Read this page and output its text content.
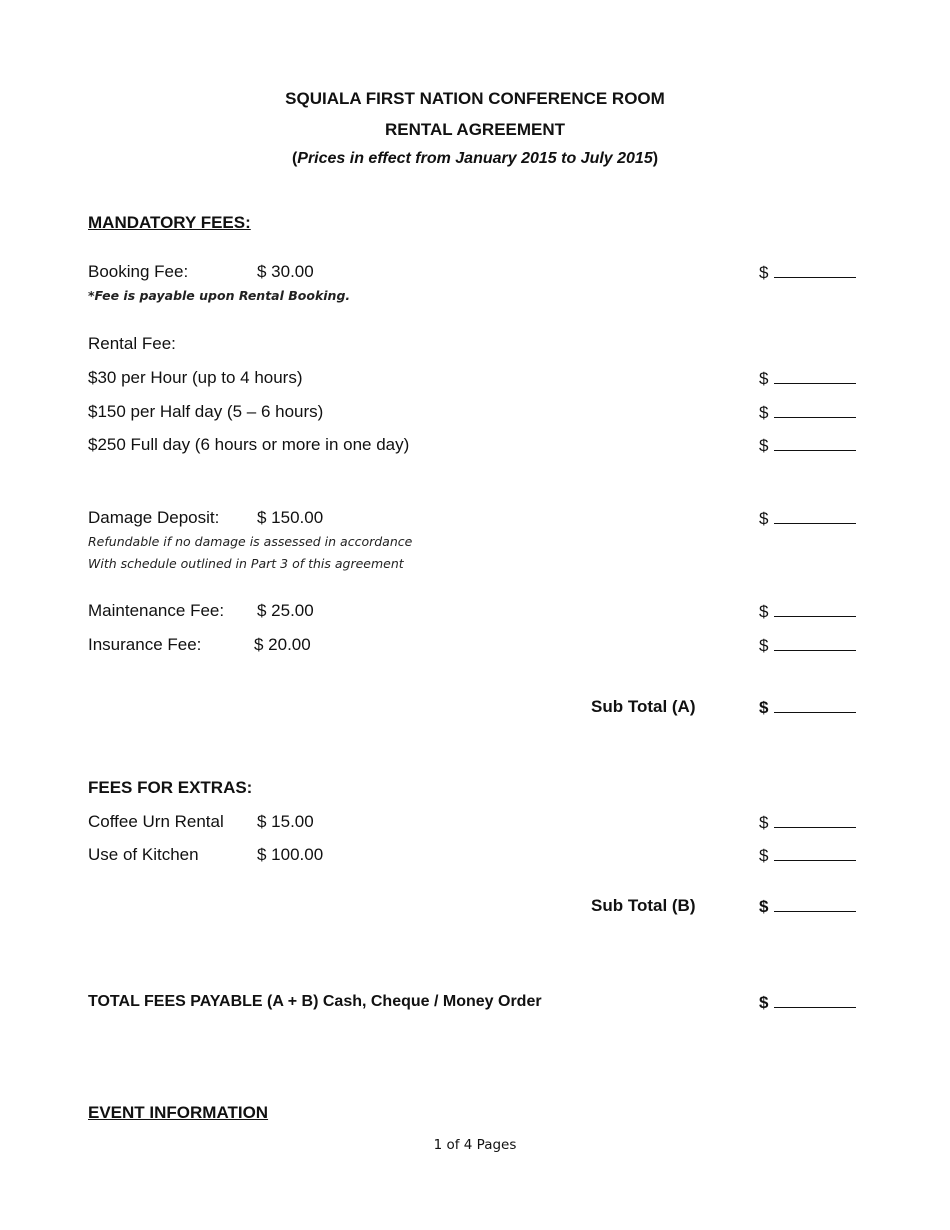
SQUIALA FIRST NATION CONFERENCE ROOM
RENTAL AGREEMENT
(Prices in effect from January 2015 to July 2015)
MANDATORY FEES:
Booking Fee:	$ 30.00	$
*Fee is payable upon Rental Booking.
Rental Fee:
$30 per Hour (up to 4 hours)	$
$150 per Half day (5 – 6 hours)	$
$250 Full day (6 hours or more in one day)	$
Damage Deposit: $ 150.00	$
Refundable if no damage is assessed in accordance
With schedule outlined in Part 3 of this agreement
Maintenance Fee: $ 25.00	$
Insurance Fee:	$ 20.00	$
Sub Total (A)	$
FEES FOR EXTRAS:
Coffee Urn Rental $ 15.00	$
Use of Kitchen	$ 100.00	$
Sub Total (B)	$
TOTAL FEES PAYABLE (A + B) Cash, Cheque / Money Order	$
EVENT INFORMATION
1 of 4 Pages
